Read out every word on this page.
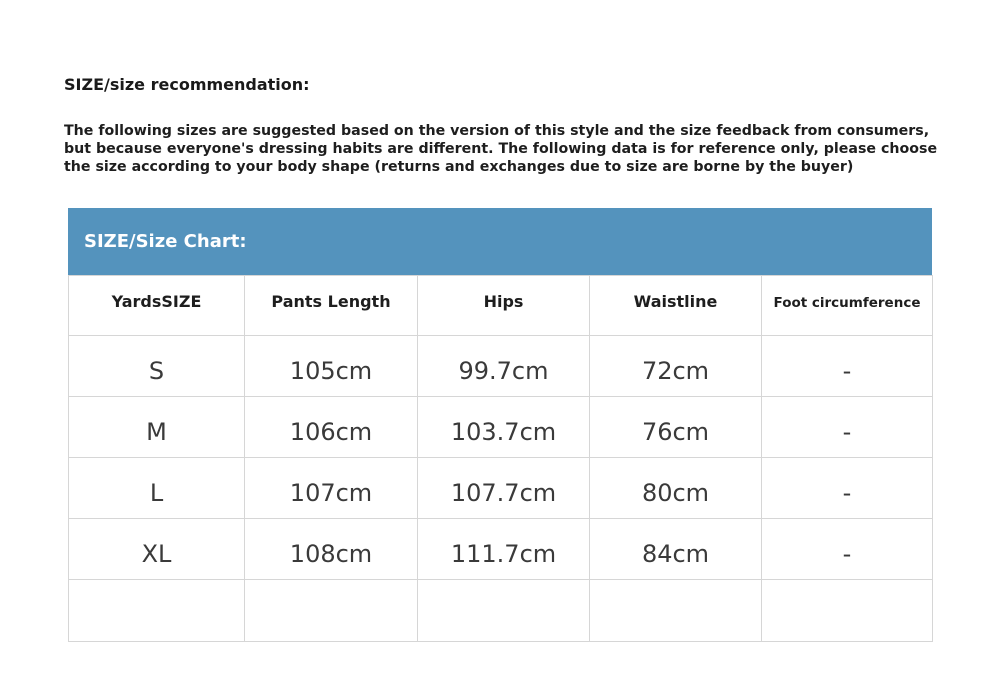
SIZE/size recommendation:
The following sizes are suggested based on the version of this style and the size feedback from consumers, but because everyone's dressing habits are different. The following data is for reference only, please choose the size according to your body shape (returns and exchanges due to size are borne by the buyer)
SIZE/Size Chart:
YardsSIZE	Pants Length	Hips	Waistline	Foot circumference
S	105cm	99.7cm	72cm	-
M	106cm	103.7cm	76cm	-
L	107cm	107.7cm	80cm	-
XL	108cm	111.7cm	84cm	-
